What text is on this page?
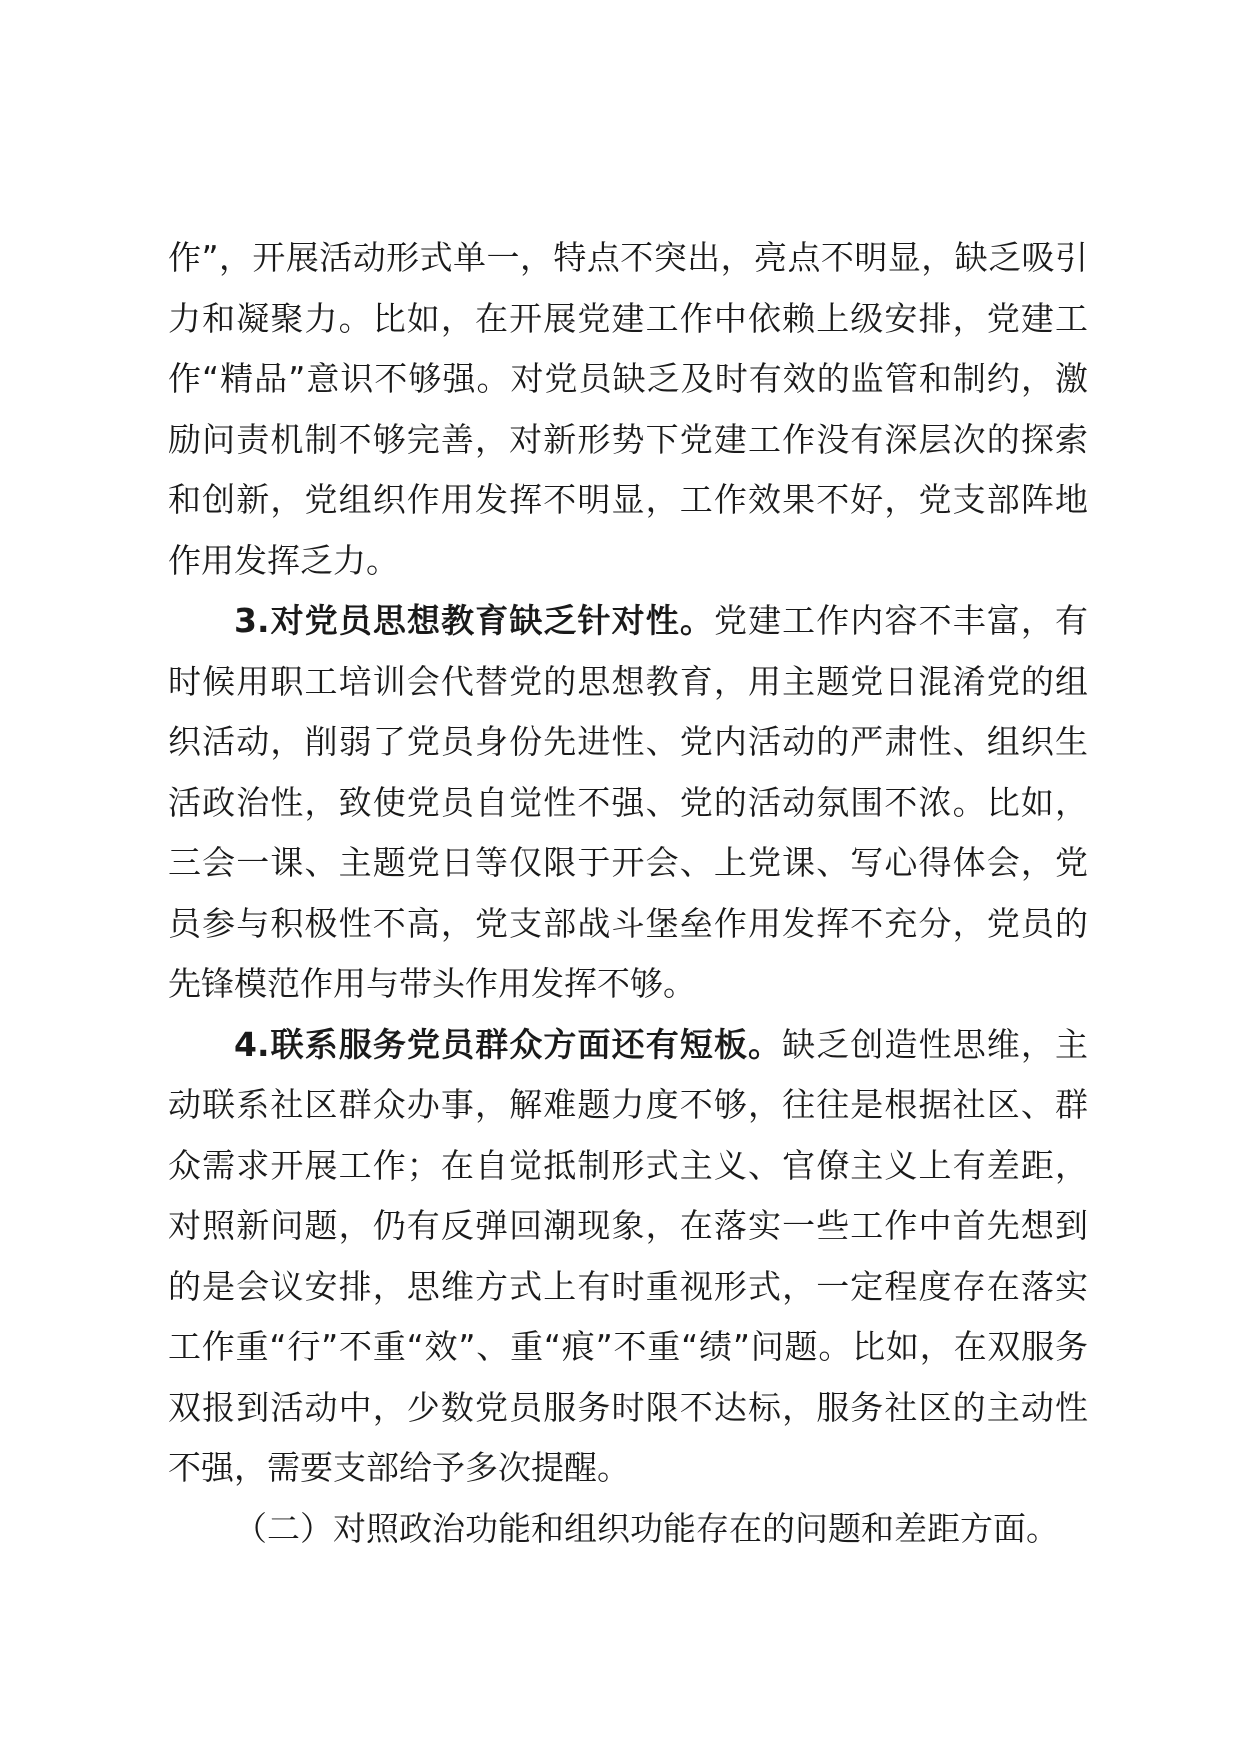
作”，开展活动形式单一，特点不突出，亮点不明显，缺乏吸引力和凝聚力。比如，在开展党建工作中依赖上级安排，党建工作“精品”意识不够强。对党员缺乏及时有效的监管和制约，激励问责机制不够完善，对新形势下党建工作没有深层次的探索和创新，党组织作用发挥不明显，工作效果不好，党支部阵地作用发挥乏力。

3.对党员思想教育缺乏针对性。党建工作内容不丰富，有时候用职工培训会代替党的思想教育，用主题党日混淆党的组织活动，削弱了党员身份先进性、党内活动的严肃性、组织生活政治性，致使党员自觉性不强、党的活动氛围不浓。比如，三会一课、主题党日等仅限于开会、上党课、写心得体会，党员参与积极性不高，党支部战斗堡垒作用发挥不充分，党员的先锋模范作用与带头作用发挥不够。

4.联系服务党员群众方面还有短板。缺乏创造性思维，主动联系社区群众办事，解难题力度不够，往往是根据社区、群众需求开展工作；在自觉抵制形式主义、官僚主义上有差距，对照新问题，仍有反弹回潮现象，在落实一些工作中首先想到的是会议安排，思维方式上有时重视形式，一定程度存在落实工作重“行”不重“效”、重“痕”不重“绩”问题。比如，在双服务双报到活动中，少数党员服务时限不达标，服务社区的主动性不强，需要支部给予多次提醒。

（二）对照政治功能和组织功能存在的问题和差距方面。
